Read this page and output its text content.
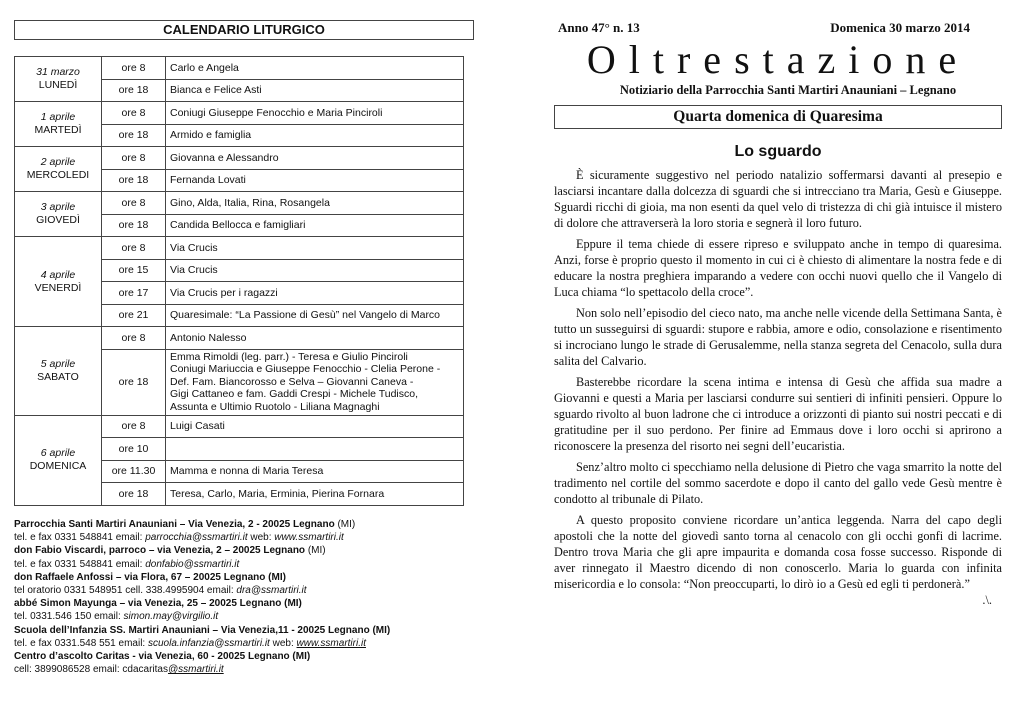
CALENDARIO LITURGICO
31 marzo
LUNEDÌ	ore 8	Carlo e Angela
	ore 18	Bianca e Felice Asti

1 aprile
MARTEDÌ	ore 8	Coniugi Giuseppe Fenocchio e Maria Pinciroli
	ore 18	Armido e famiglia

2 aprile
MERCOLEDI	ore 8	Giovanna e Alessandro
	ore 18	Fernanda Lovati

3 aprile
GIOVEDÌ	ore 8	Gino, Alda, Italia, Rina, Rosangela
	ore 18	Candida Bellocca e famigliari

4 aprile
VENERDÌ	ore 8	Via Crucis
	ore 15	Via Crucis
	ore 17	Via Crucis per i ragazzi
	ore 21	Quaresimale: “La Passione di Gesù” nel Vangelo di Marco

5 aprile
SABATO	ore 8	Antonio Nalesso
	ore 18	Emma Rimoldi (leg. parr.) - Teresa e Giulio Pinciroli
Coniugi Mariuccia e Giuseppe Fenocchio - Clelia Perone -
Def. Fam. Biancorosso e Selva – Giovanni Caneva -
Gigi Cattaneo e fam. Gaddi Crespi - Michele Tudisco,
Assunta e Ultimio Ruotolo - Liliana Magnaghi

6 aprile
DOMENICA	ore 8	Luigi Casati
	ore 10	
	ore 11.30	Mamma e nonna di Maria Teresa
	ore 18	Teresa, Carlo, Maria, Erminia, Pierina Fornara
Parrocchia Santi Martiri Anauniani – Via Venezia, 2 - 20025 Legnano (MI)
tel. e fax 0331 548841 email: parrocchia@ssmartiri.it web: www.ssmartiri.it
don Fabio Viscardi, parroco – via Venezia, 2 – 20025 Legnano (MI)
tel. e fax 0331 548841 email: donfabio@ssmartiri.it
don Raffaele Anfossi – via Flora, 67 – 20025 Legnano (MI)
tel oratorio 0331 548951 cell. 338.4995904 email: dra@ssmartiri.it
abbé Simon Mayunga – via Venezia, 25 – 20025 Legnano (MI)
tel. 0331.546 150 email: simon.may@virgilio.it
Scuola dell’Infanzia SS. Martiri Anauniani – Via Venezia,11 - 20025 Legnano (MI)
tel. e fax 0331.548 551 email: scuola.infanzia@ssmartiri.it web: www.ssmartiri.it
Centro d’ascolto Caritas - via Venezia, 60 - 20025 Legnano (MI)
cell: 3899086528 email: cdacaritas@ssmartiri.it
Anno 47° n. 13	Domenica 30 marzo 2014
Oltrestazione
Notiziario della Parrocchia Santi Martiri Anauniani – Legnano
Quarta domenica di Quaresima
Lo sguardo

È sicuramente suggestivo nel periodo natalizio soffermarsi davanti al presepio e lasciarsi incantare dalla dolcezza di sguardi che si intrecciano tra Maria, Gesù e Giuseppe. Sguardi ricchi di gioia, ma non esenti da quel velo di tristezza di chi già intuisce il mistero di dolore che attraverserà la loro storia e segnerà il loro futuro.

Eppure il tema chiede di essere ripreso e sviluppato anche in tempo di quaresima. Anzi, forse è proprio questo il momento in cui ci è chiesto di alimentare la nostra fede e di educare la nostra preghiera imparando a vedere con occhi nuovi quello che il Vangelo di Luca chiama “lo spettacolo della croce”.

Non solo nell’episodio del cieco nato, ma anche nelle vicende della Settimana Santa, è tutto un susseguirsi di sguardi: stupore e rabbia, amore e odio, consolazione e risentimento si incrociano lungo le strade di Gerusalemme, nella stanza segreta del Cenacolo, sulla dura salita del Calvario.

Basterebbe ricordare la scena intima e intensa di Gesù che affida sua madre a Giovanni e questi a Maria per lasciarsi condurre sui sentieri di infiniti pensieri. Oppure lo sguardo rivolto al buon ladrone che ci introduce a orizzonti di pianto sui nostri peccati e di gratitudine per il suo perdono. Per finire ad Emmaus dove i loro occhi si aprirono a riconoscere la presenza del risorto nei segni dell’eucaristia.

Senz’altro molto ci specchiamo nella delusione di Pietro che vaga smarrito la notte del tradimento nel cortile del sommo sacerdote e dopo il canto del gallo vede Gesù mentre è condotto al tribunale di Pilato.

A questo proposito conviene ricordare un’antica leggenda. Narra del capo degli apostoli che la notte del giovedì santo torna al cenacolo con gli occhi gonfi di lacrime. Dentro trova Maria che gli apre impaurita e domanda cosa fosse successo. Risponde di aver rinnegato il Maestro dicendo di non conoscerlo. Maria lo guarda con infinita misericordia e lo consola: “Non preoccuparti, lo dirò io a Gesù ed egli ti perdonerà.”
.\.
